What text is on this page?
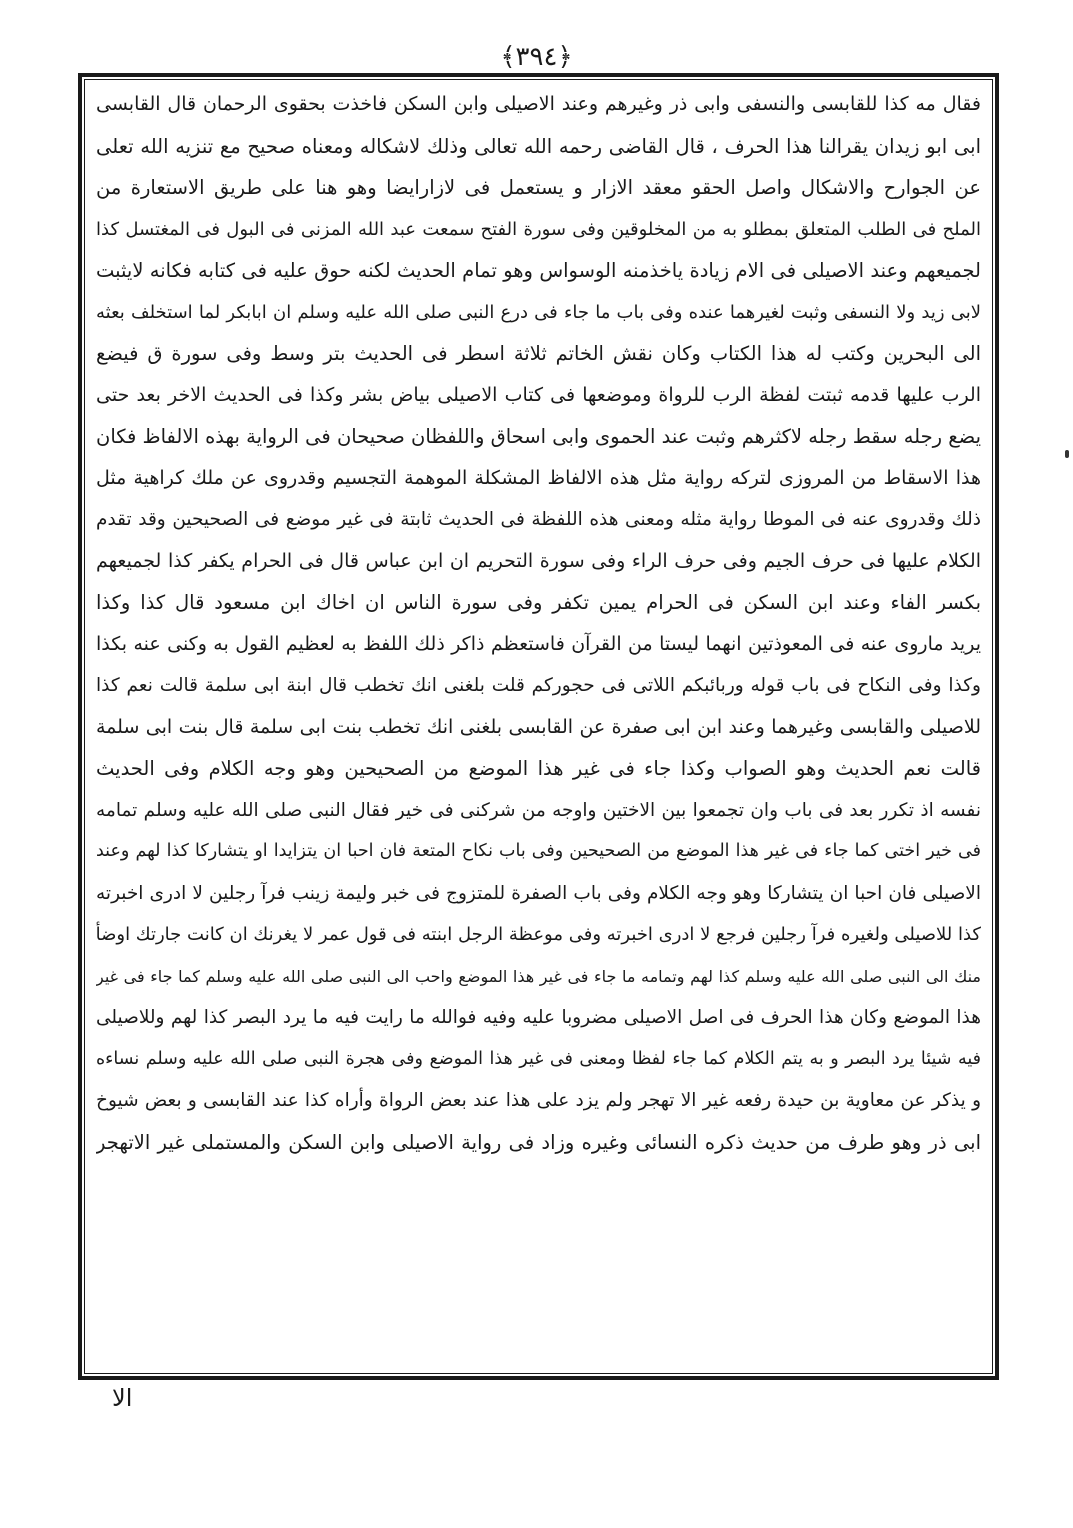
﴿٣٩٤﴾
فقال مه كذا للقابسى والنسفى وابى ذر وغيرهم وعند الاصيلى وابن السكن فاخذت بحقوى الرحمان قال القابسى
ابى ابو زيدان يقرالنا هذا الحرف ، قال القاضى رحمه الله تعالى وذلك لاشكاله ومعناه صحيح مع تنزيه الله تعلى
عن الجوارح والاشكال واصل الحقو معقد الازار و يستعمل فى لازارايضا وهو هنا على طريق الاستعارة من
الملح فى الطلب المتعلق بمطلو به من المخلوقين وفى سورة الفتح سمعت عبد الله المزنى فى البول فى المغتسل كذا
لجميعهم وعند الاصيلى فى الام زيادة ياخذمنه الوسواس وهو تمام الحديث لكنه حوق عليه فى كتابه فكانه لايثبت
لابى زيد ولا النسفى وثبت لغيرهما عنده وفى باب ما جاء فى درع النبى صلى الله عليه وسلم ان ابابكر لما استخلف بعثه
الى البحرين وكتب له هذا الكتاب وكان نقش الخاتم ثلاثة اسطر فى الحديث بتر وسط وفى سورة ق فيضع
الرب عليها قدمه ثبتت لفظة الرب للرواة وموضعها فى كتاب الاصيلى بياض بشر وكذا فى الحديث الاخر بعد حتى
يضع رجله سقط رجله لاكثرهم وثبت عند الحموى وابى اسحاق واللفظان صحيحان فى الرواية بهذه الالفاظ فكان
هذا الاسقاط من المروزى لتركه رواية مثل هذه الالفاظ المشكلة الموهمة التجسيم وقدروى عن ملك كراهية مثل
ذلك وقدروى عنه فى الموطا رواية مثله ومعنى هذه اللفظة فى الحديث ثابتة فى غير موضع فى الصحيحين وقد تقدم
الكلام عليها فى حرف الجيم وفى حرف الراء وفى سورة التحريم ان ابن عباس قال فى الحرام يكفر كذا لجميعهم
بكسر الفاء وعند ابن السكن فى الحرام يمين تكفر وفى سورة الناس ان اخاك ابن مسعود قال كذا وكذا
يريد ماروى عنه فى المعوذتين انهما ليستا من القرآن فاستعظم ذاكر ذلك اللفظ به لعظيم القول به وكنى عنه بكذا
وكذا وفى النكاح فى باب قوله وربائبكم اللاتى فى حجوركم قلت بلغنى انك تخطب قال ابنة ابى سلمة قالت نعم كذا
للاصيلى والقابسى وغيرهما وعند ابن ابى صفرة عن القابسى بلغنى انك تخطب بنت ابى سلمة قال بنت ابى سلمة
قالت نعم الحديث وهو الصواب وكذا جاء فى غير هذا الموضع من الصحيحين وهو وجه الكلام وفى الحديث
نفسه اذ تكرر بعد فى باب وان تجمعوا بين الاختين واوجه من شركنى فى خير فقال النبى صلى الله عليه وسلم تمامه
فى خير اختى كما جاء فى غير هذا الموضع من الصحيحين وفى باب نكاح المتعة فان احبا ان يتزايدا او يتشاركا كذا لهم وعند
الاصيلى فان احبا ان يتشاركا وهو وجه الكلام وفى باب الصفرة للمتزوج فى خبر وليمة زينب فرآ رجلين لا ادرى اخبرته
كذا للاصيلى ولغيره فرآ رجلين فرجع لا ادرى اخبرته وفى موعظة الرجل ابنته فى قول عمر لا يغرنك ان كانت جارتك اوضأ
منك الى النبى صلى الله عليه وسلم كذا لهم وتمامه ما جاء فى غير هذا الموضع واحب الى النبى صلى الله عليه وسلم كما جاء فى غير
هذا الموضع وكان هذا الحرف فى اصل الاصيلى مضروبا عليه وفيه فوالله ما رايت فيه ما يرد البصر كذا لهم وللاصيلى
فيه شيئا يرد البصر و به يتم الكلام كما جاء لفظا ومعنى فى غير هذا الموضع وفى هجرة النبى صلى الله عليه وسلم نساءه
و يذكر عن معاوية بن حيدة رفعه غير الا تهجر ولم يزد على هذا عند بعض الرواة وأراه كذا عند القابسى و بعض شيوخ
ابى ذر وهو طرف من حديث ذكره النسائى وغيره وزاد فى رواية الاصيلى وابن السكن والمستملى غير الاتهجر
الا
